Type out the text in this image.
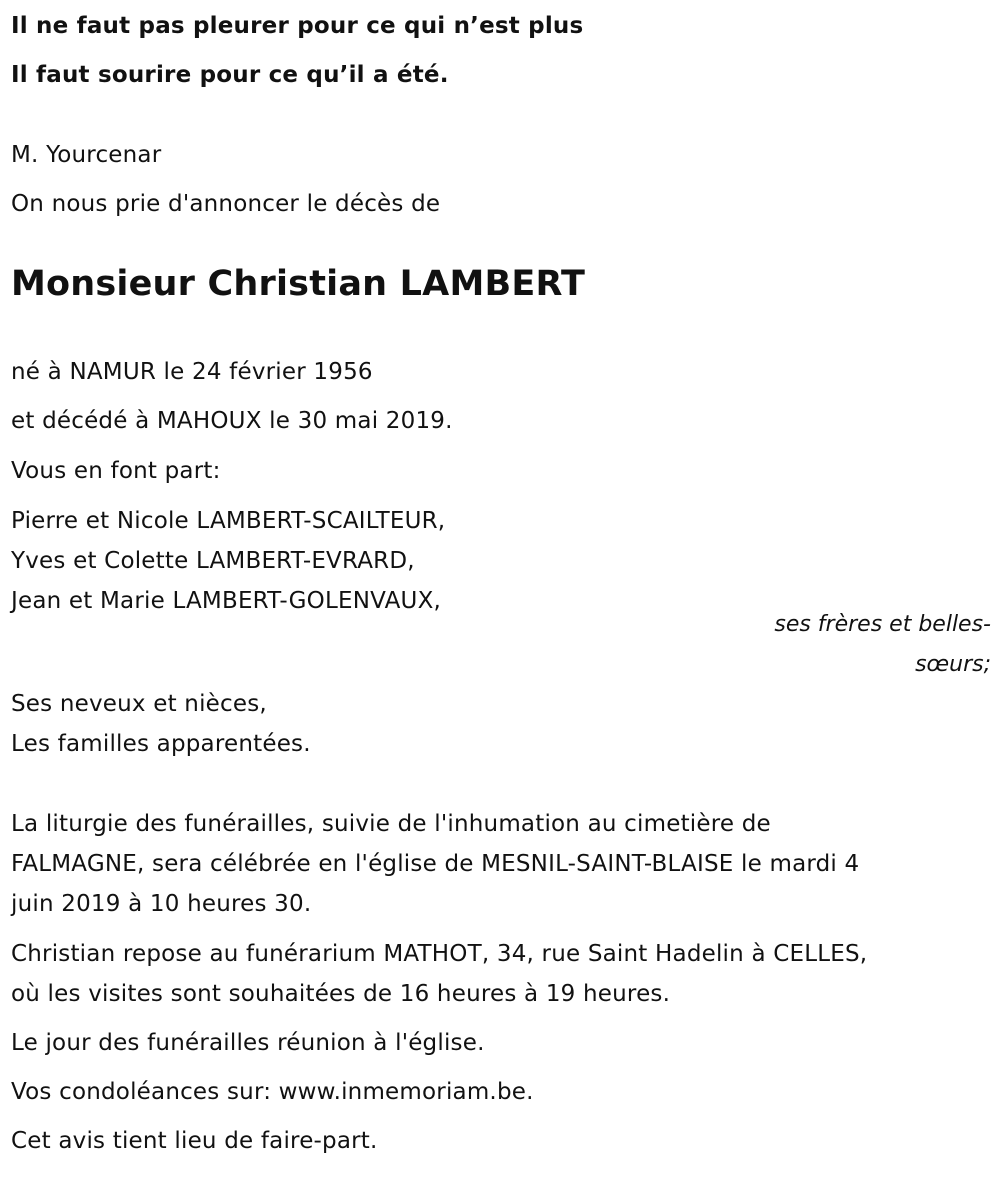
Il ne faut pas pleurer pour ce qui n’est plus
Il faut sourire pour ce qu’il a été.
M. Yourcenar
On nous prie d'annoncer le décès de
Monsieur Christian LAMBERT
né à NAMUR le 24 février 1956
et décédé à MAHOUX le 30 mai 2019.
Vous en font part:
Pierre et Nicole LAMBERT-SCAILTEUR,
Yves et Colette LAMBERT-EVRARD,
Jean et Marie LAMBERT-GOLENVAUX,
ses frères et belles-
sœurs;
Ses neveux et nièces,
Les familles apparentées.
La liturgie des funérailles, suivie de l'inhumation au cimetière de
FALMAGNE, sera célébrée en l'église de MESNIL-SAINT-BLAISE le mardi 4
juin 2019 à 10 heures 30.
Christian repose au funérarium MATHOT, 34, rue Saint Hadelin à CELLES,
où les visites sont souhaitées de 16 heures à 19 heures.
Le jour des funérailles réunion à l'église.
Vos condoléances sur: www.inmemoriam.be.
Cet avis tient lieu de faire-part.
